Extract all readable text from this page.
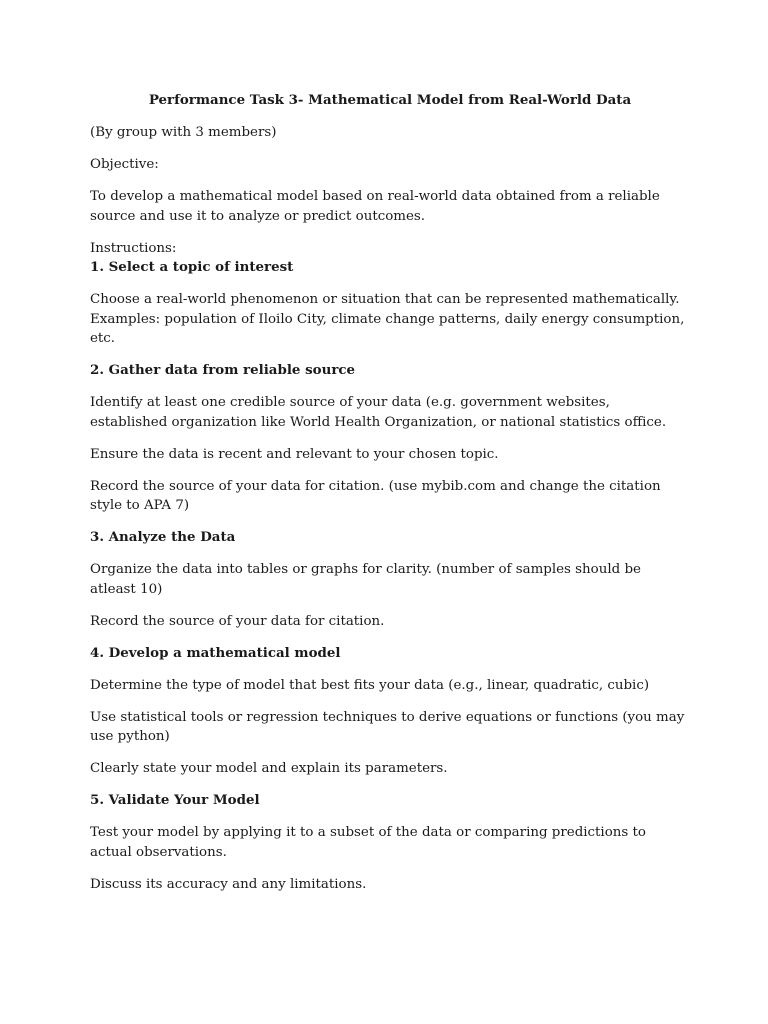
Performance Task 3- Mathematical Model from Real-World Data

(By group with 3 members)

Objective:

To develop a mathematical model based on real-world data obtained from a reliable source and use it to analyze or predict outcomes.

Instructions:

1. Select a topic of interest

Choose a real-world phenomenon or situation that can be represented mathematically. Examples: population of Iloilo City, climate change patterns, daily energy consumption, etc.

2. Gather data from reliable source

Identify at least one credible source of your data (e.g. government websites, established organization like World Health Organization, or national statistics office.

Ensure the data is recent and relevant to your chosen topic.

Record the source of your data for citation. (use mybib.com and change the citation style to APA 7)

3. Analyze the Data

Organize the data into tables or graphs for clarity. (number of samples should be atleast 10)

Record the source of your data for citation.

4. Develop a mathematical model

Determine the type of model that best fits your data (e.g., linear, quadratic, cubic)

Use statistical tools or regression techniques to derive equations or functions (you may use python)

Clearly state your model and explain its parameters.

5. Validate Your Model

Test your model by applying it to a subset of the data or comparing predictions to actual observations.

Discuss its accuracy and any limitations.
